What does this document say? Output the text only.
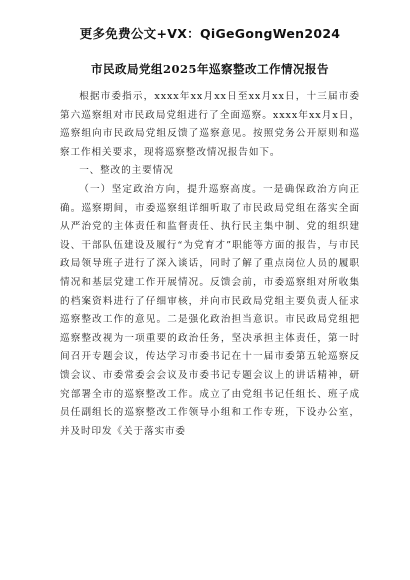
更多免费公文+VX：QiGeGongWen2024
市民政局党组2025年巡察整改工作情况报告

根据市委指示，xxxx年xx月xx日至xx月xx日，十三届市委第六巡察组对市民政局党组进行了全面巡察。xxxx年xx月x日，巡察组向市民政局党组反馈了巡察意见。按照党务公开原则和巡察工作相关要求，现将巡察整改情况报告如下。

一、整改的主要情况

（一）坚定政治方向，提升巡察高度。一是确保政治方向正确。巡察期间，市委巡察组详细听取了市民政局党组在落实全面从严治党的主体责任和监督责任、执行民主集中制、党的组织建设、干部队伍建设及履行“为党育才”职能等方面的报告，与市民政局领导班子进行了深入谈话，同时了解了重点岗位人员的履职情况和基层党建工作开展情况。反馈会前，市委巡察组对所收集的档案资料进行了仔细审核，并向市民政局党组主要负责人征求巡察整改工作的意见。二是强化政治担当意识。市民政局党组把巡察整改视为一项重要的政治任务，坚决承担主体责任，第一时间召开专题会议，传达学习市委书记在十一届市委第五轮巡察反馈会议、市委常委会会议及市委书记专题会议上的讲话精神，研究部署全市的巡察整改工作。成立了由党组书记任组长、班子成员任副组长的巡察整改工作领导小组和工作专班，下设办公室，并及时印发《关于落实市委
